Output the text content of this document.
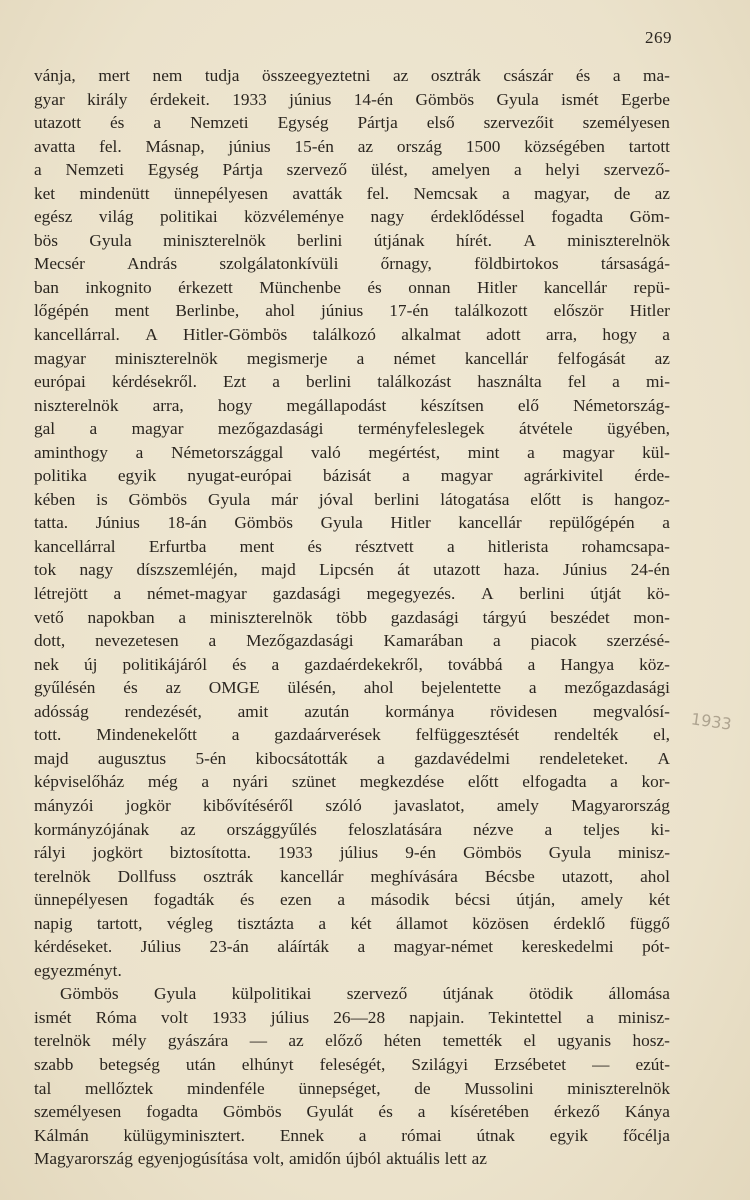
269
vánja, mert nem tudja összeegyeztetni az osztrák császár és a ma-
gyar király érdekeit. 1933 június 14-én Gömbös Gyula ismét Egerbe
utazott és a Nemzeti Egység Pártja első szervezőit személyesen
avatta fel. Másnap, június 15-én az ország 1500 községében tartott
a Nemzeti Egység Pártja szervező ülést, amelyen a helyi szervező-
ket mindenütt ünnepélyesen avatták fel. Nemcsak a magyar, de az
egész világ politikai közvéleménye nagy érdeklődéssel fogadta Göm-
bös Gyula miniszterelnök berlini útjának hírét. A miniszterelnök
Mecsér András szolgálatonkívüli őrnagy, földbirtokos társaságá-
ban inkognito érkezett Münchenbe és onnan Hitler kancellár repü-
lőgépén ment Berlinbe, ahol június 17-én találkozott először Hitler
kancellárral. A Hitler-Gömbös találkozó alkalmat adott arra, hogy a
magyar miniszterelnök megismerje a német kancellár felfogását az
európai kérdésekről. Ezt a berlini találkozást használta fel a mi-
niszterelnök arra, hogy megállapodást készítsen elő Németország-
gal a magyar mezőgazdasági terményfeleslegek átvétele ügyében,
aminthogy a Németországgal való megértést, mint a magyar kül-
politika egyik nyugat-európai bázisát a magyar agrárkivitel érde-
kében is Gömbös Gyula már jóval berlini látogatása előtt is hangoz-
tatta. Június 18-án Gömbös Gyula Hitler kancellár repülőgépén a
kancellárral Erfurtba ment és résztvett a hitlerista rohamcsapa-
tok nagy díszszemléjén, majd Lipcsén át utazott haza. Június 24-én
létrejött a német-magyar gazdasági megegyezés. A berlini útját kö-
vető napokban a miniszterelnök több gazdasági tárgyú beszédet mon-
dott, nevezetesen a Mezőgazdasági Kamarában a piacok szerzésé-
nek új politikájáról és a gazdaérdekekről, továbbá a Hangya köz-
gyűlésén és az OMGE ülésén, ahol bejelentette a mezőgazdasági
adósság rendezését, amit azután kormánya rövidesen megvalósí-
tott. Mindenekelőtt a gazdaárverések felfüggesztését rendelték el,
majd augusztus 5-én kibocsátották a gazdavédelmi rendeleteket. A
képviselőház még a nyári szünet megkezdése előtt elfogadta a kor-
mányzói jogkör kibővítéséről szóló javaslatot, amely Magyarország
kormányzójának az országgyűlés feloszlatására nézve a teljes ki-
rályi jogkört biztosította. 1933 július 9-én Gömbös Gyula minisz-
terelnök Dollfuss osztrák kancellár meghívására Bécsbe utazott, ahol
ünnepélyesen fogadták és ezen a második bécsi útján, amely két
napig tartott, végleg tisztázta a két államot közösen érdeklő függő
kérdéseket. Július 23-án aláírták a magyar-német kereskedelmi pót-
egyezményt.
Gömbös Gyula külpolitikai szervező útjának ötödik állomása
ismét Róma volt 1933 július 26—28 napjain. Tekintettel a minisz-
terelnök mély gyászára — az előző héten temették el ugyanis hosz-
szabb betegség után elhúnyt feleségét, Szilágyi Erzsébetet — ezút-
tal mellőztek mindenféle ünnepséget, de Mussolini miniszterelnök
személyesen fogadta Gömbös Gyulát és a kíséretében érkező Kánya
Kálmán külügyminisztert. Ennek a római útnak egyik főcélja
Magyarország egyenjogúsítása volt, amidőn újból aktuális lett az
1933
